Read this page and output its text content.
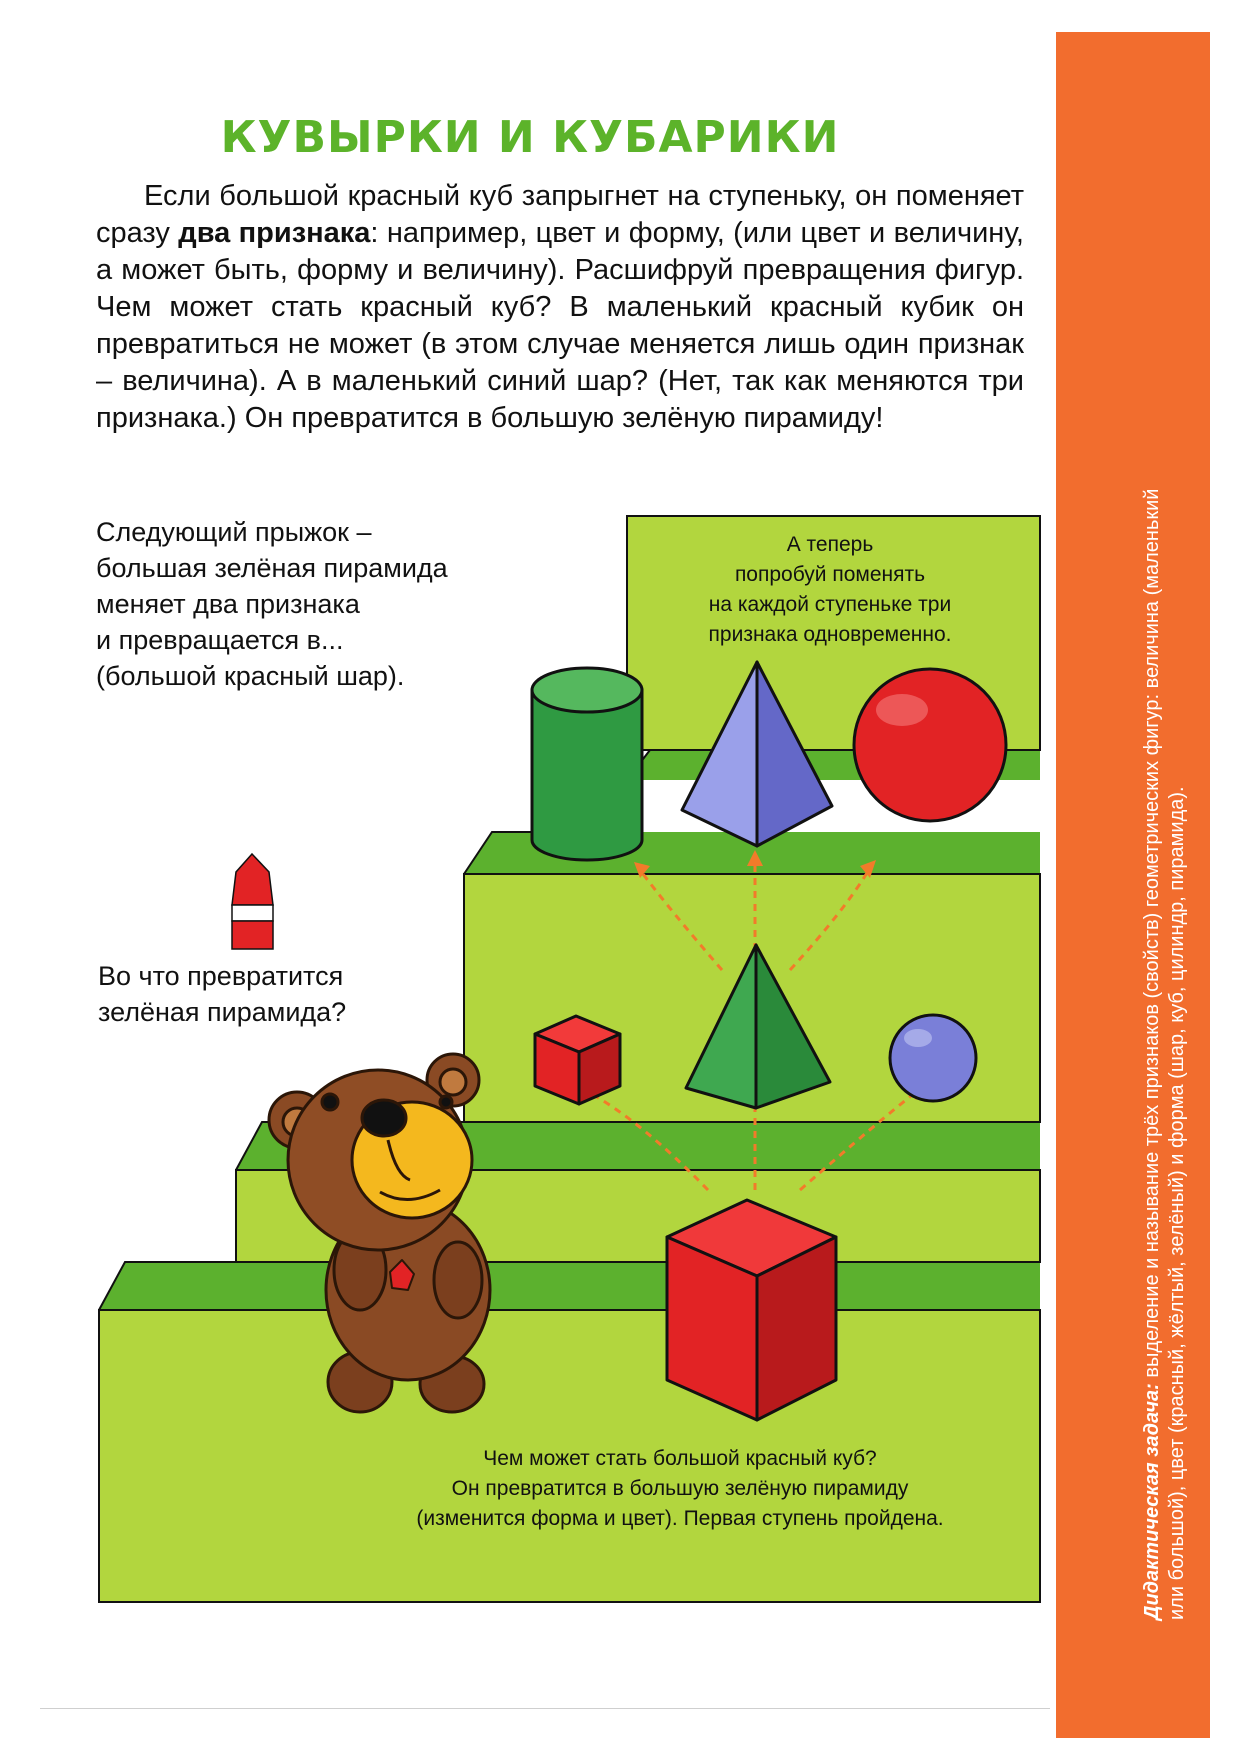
Дидактическая задача: выделение и называние трёх признаков (свойств) геометрических фигур: величина (маленький или большой), цвет (красный, жёлтый, зелёный) и форма (шар, куб, цилиндр, пирамида).
КУВЫРКИ И КУБАРИКИ

Если большой красный куб запрыгнет на ступеньку, он поменяет сразу два признака: например, цвет и форму, (или цвет и величину, а может быть, форму и величину). Расшифруй превращения фигур. Чем может стать красный куб? В маленький красный кубик он превратиться не может (в этом случае меняется лишь один признак – величина). А в маленький синий шар? (Нет, так как меняются три признака.) Он превратится в большую зелёную пирамиду!

Следующий прыжок –
большая зелёная пирамида
меняет два признака
и превращается в...
(большой красный шар).

Во что превратится
зелёная пирамида?

А теперь
попробуй поменять
на каждой ступеньке три
признака одновременно.
Чем может стать большой красный куб?
Он превратится в большую зелёную пирамиду
(изменится форма и цвет). Первая ступень пройдена.
